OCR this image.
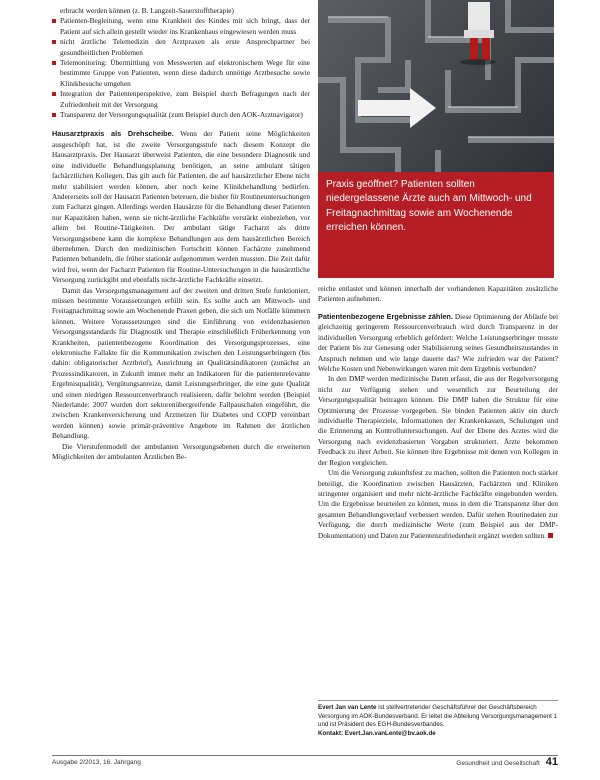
erbracht werden können (z. B. Langzeit-Sauerstofftherapie)
Patienten-Begleitung, wenn eine Krankheit des Kindes mit sich bringt, dass der Patient auf sich allein gestellt wieder ins Krankenhaus eingewiesen werden muss
nicht ärztliche Telemedizin den Arztpraxen als erste Ansprechpartner bei gesundheitlichen Problemen
Telemonitoring: Übermittlung von Messwerten auf elektronischem Wege für eine bestimmte Gruppe von Patienten, wenn diese dadurch unnötige Arztbesuche sowie Klinikbesuche umgehen
Integration der Patientenperspektive, zum Beispiel durch Befragungen nach der Zufriedenheit mit der Versorgung
Transparenz der Versorgungsqualität (zum Beispiel durch den AOK-Arztnavigator)

Hausarztpraxis als Drehscheibe. Wenn der Patient seine Möglichkeiten ausgeschöpft hat, ist die zweite Versorgungsstufe nach diesem Konzept die Hausarztpraxis. Der Hausarzt überweist Patienten, die eine besondere Diagnostik und eine individuelle Behandlungsplanung benötigen, an seine ambulant tätigen fachärztlichen Kollegen. Das gilt auch für Patienten, die auf hausärztlicher Ebene nicht mehr stabilisiert werden können, aber noch keine Klinikbehandlung bedürfen. Andererseits soll der Hausarzt Patienten betreuen, die bisher für Routineuntersuchungen zum Facharzt gingen. Allerdings werden Hausärzte für die Behandlung dieser Patienten nur Kapazitäten haben, wenn sie nicht-ärztliche Fachkräfte verstärkt einbeziehen, vor allem bei Routine-Tätigkeiten. Der ambulant tätige Facharzt als dritte Versorgungsebene kann die komplexe Behandlungen aus dem hausärztlichen Bereich übernehmen. Durch den medizinischen Fortschritt können Fachärzte zunehmend Patienten behandeln, die früher stationär aufgenommen werden mussten. Die Zeit dafür wird frei, wenn der Facharzt Patienten für Routine-Untersuchungen in die hausärztliche Versorgung zurückgibt und ebenfalls nicht-ärztliche Fachkräfte einsetzt.

Damit das Versorgungsmanagement auf der zweiten und dritten Stufe funktioniert, müssen bestimmte Voraussetzungen erfüllt sein. Es sollte auch am Mittwoch- und Freitagnachmittag sowie am Wochenende Praxen geben, die sich um Notfälle kümmern können. Weitere Voraussetzungen sind die Einführung von evidenzbasierten Versorgungsstandards für Diagnostik und Therapie einschließlich Früherkennung von Krankheiten, patientenbezogene Koordination des Versorgungsprozesses, eine elektronische Fallakte für die Kommunikation zwischen den Leistungserbringern (bis dahin: obligatorischer Arztbrief), Ausrichtung an Qualitätsindikatoren (zunächst an Prozessindikatoren, in Zukunft immer mehr an Indikatoren für die patientenrelevante Ergebnisqualität), Vergütungsanreize, damit Leistungserbringer, die eine gute Qualität und einen niedrigen Ressourcenverbrauch realisieren, dafür belohnt werden (Beispiel Niederlande: 2007 wurden dort sektorenübergreifende Fallpauschalen eingeführt, die zwischen Krankenversicherung und Arztnetzen für Diabetes und COPD vereinbart werden können) sowie primär-präventive Angebote im Rahmen der ärztlichen Behandlung.

Die Vierstufenmodell der ambulanten Versorgungsebenen durch die erweiterten Möglichkeiten der ambulanten Ärztlichen Be-

Praxis geöffnet? Patienten sollten niedergelassene Ärzte auch am Mittwoch- und Freitagnachmittag sowie am Wochenende erreichen können.
reiche entlastet und können innerhalb der vorhandenen Kapazitäten zusätzliche Patienten aufnehmen.

Patientenbezogene Ergebnisse zählen. Diese Optimierung der Abläufe bei gleichzeitig geringerem Ressourcenverbrauch wird durch Transparenz in der individuellen Versorgung erheblich gefördert: Welche Leistungserbringer musste der Patient bis zur Genesung oder Stabilisierung seines Gesundheitszustandes in Anspruch nehmen und wie lange dauerte das? Wie zufrieden war der Patient? Welche Kosten und Nebenwirkungen waren mit dem Ergebnis verbunden?

In den DMP werden medizinische Daten erfasst, die aus der Regelversorgung nicht zur Verfügung stehen und wesentlich zur Beurteilung der Versorgungsqualität beitragen können. Die DMP haben die Struktur für eine Optimierung der Prozesse vorgegeben. Sie binden Patienten aktiv ein durch individuelle Therapieziele, Informationen der Krankenkassen, Schulungen und die Erinnerung an Kontrolluntersuchungen. Auf der Ebene des Arztes wird die Versorgung nach evidenzbasierten Vorgaben strukturiert. Ärzte bekommen Feedback zu ihrer Arbeit. Sie können ihre Ergebnisse mit denen von Kollegen in der Region vergleichen.

Um die Versorgung zukunftsfest zu machen, sollten die Patienten noch stärker beteiligt, die Koordination zwischen Hausärzten, Fachärzten und Kliniken stringenter organisiert und mehr nicht-ärztliche Fachkräfte eingebunden werden. Um die Ergebnisse beurteilen zu können, muss in dem die Transparenz über den gesamten Behandlungsverlauf verbessert werden. Dafür stehen Routinedaten zur Verfügung, die durch medizinische Werte (zum Beispiel aus der DMP-Dokumentation) und Daten zur Patientenzufriedenheit ergänzt werden sollten.

Evert Jan van Lente ist stellvertretender Geschäftsführer der Geschäftsbereich Versorgung im AOK-Bundesverband. Er leitet die Abteilung Versorgungsmanagement 1 und ist Präsident des EGH-Bundesverbandes.
Kontakt: Evert.Jan.vanLente@bv.aok.de
Ausgabe 2/2013, 16. Jahrgang	Gesundheit und Gesellschaft 41
